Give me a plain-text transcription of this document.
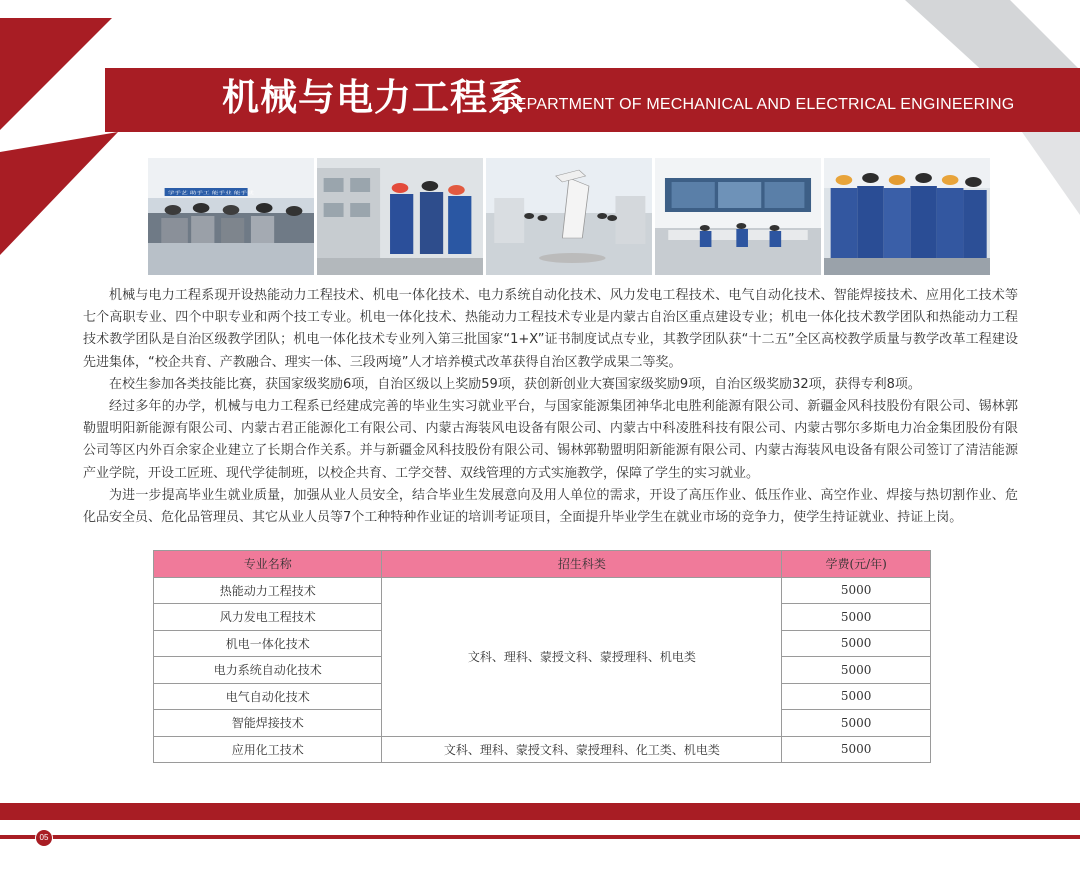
机械与电力工程系
DEPARTMENT OF MECHANICAL AND ELECTRICAL ENGINEERING
学手艺 助手工 能手业 能手就

机械与电力工程系现开设热能动力工程技术、机电一体化技术、电力系统自动化技术、风力发电工程技术、电气自动化技术、智能焊接技术、应用化工技术等七个高职专业、四个中职专业和两个技工专业。机电一体化技术、热能动力工程技术专业是内蒙古自治区重点建设专业；机电一体化技术教学团队和热能动力工程技术教学团队是自治区级教学团队；机电一体化技术专业列入第三批国家“1+X”证书制度试点专业，其教学团队获“十二五”全区高校教学质量与教学改革工程建设先进集体，“校企共育、产教融合、理实一体、三段两境”人才培养模式改革获得自治区教学成果二等奖。

在校生参加各类技能比赛，获国家级奖励6项，自治区级以上奖励59项，获创新创业大赛国家级奖励9项，自治区级奖励32项，获得专利8项。

经过多年的办学，机械与电力工程系已经建成完善的毕业生实习就业平台，与国家能源集团神华北电胜利能源有限公司、新疆金风科技股份有限公司、锡林郭勒盟明阳新能源有限公司、内蒙古君正能源化工有限公司、内蒙古海装风电设备有限公司、内蒙古中科凌胜科技有限公司、内蒙古鄂尔多斯电力冶金集团股份有限公司等区内外百余家企业建立了长期合作关系。并与新疆金风科技股份有限公司、锡林郭勒盟明阳新能源有限公司、内蒙古海装风电设备有限公司签订了清洁能源产业学院，开设工匠班、现代学徒制班，以校企共育、工学交替、双线管理的方式实施教学，保障了学生的实习就业。

为进一步提高毕业生就业质量，加强从业人员安全，结合毕业生发展意向及用人单位的需求，开设了高压作业、低压作业、高空作业、焊接与热切割作业、危化品安全员、危化品管理员、其它从业人员等7个工种特种作业证的培训考证项目，全面提升毕业学生在就业市场的竞争力，使学生持证就业、持证上岗。

专业名称	招生科类	学费(元/年)
热能动力工程技术	文科、理科、蒙授文科、蒙授理科、机电类	5000
风力发电工程技术		5000
机电一体化技术		5000
电力系统自动化技术		5000
电气自动化技术		5000
智能焊接技术		5000
应用化工技术	文科、理科、蒙授文科、蒙授理科、化工类、机电类	5000
05
